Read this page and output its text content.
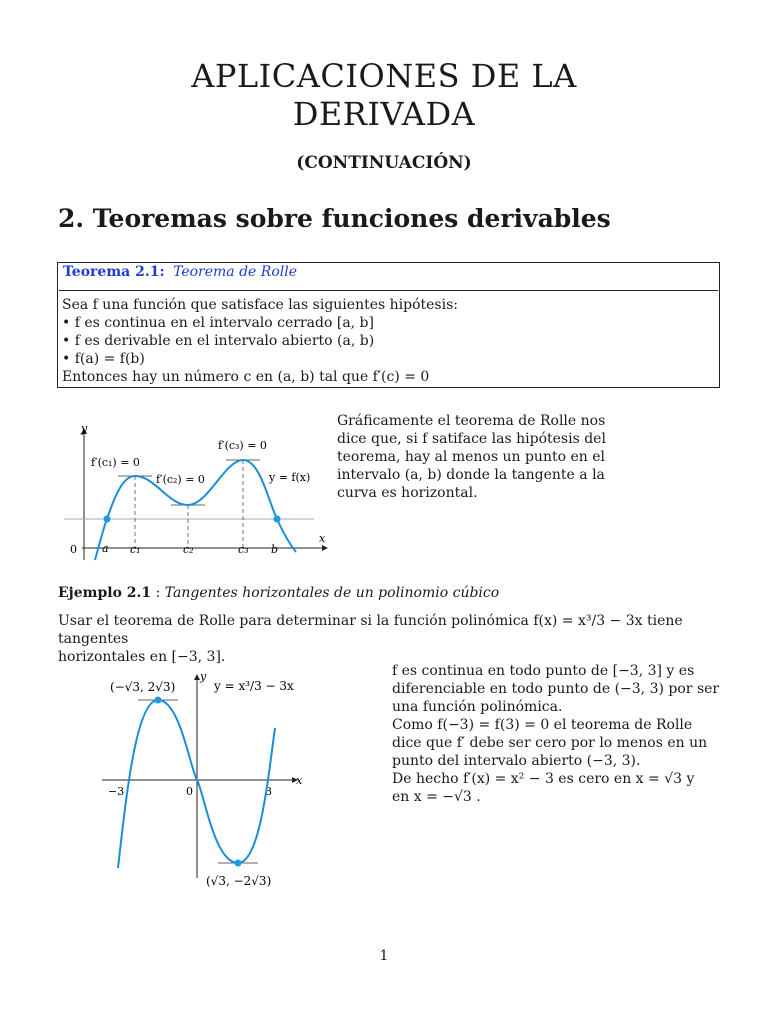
APLICACIONES DE LA
DERIVADA
(CONTINUACIÓN)
2. Teoremas sobre funciones derivables
Teorema 2.1: Teorema de Rolle
Sea f una función que satisface las siguientes hipótesis:
• f es continua en el intervalo cerrado [a, b]
• f es derivable en el intervalo abierto (a, b)
• f(a) = f(b)
Entonces hay un número c en (a, b) tal que f′(c) = 0
y
x
0 a c₁	c₂	c₃ b
f′(c₁) = 0
f′(c₂) = 0
f′(c₃) = 0
y = f(x)
Gráficamente el teorema de Rolle nos
dice que, si f satiface las hipótesis del
teorema, hay al menos un punto en el
intervalo (a, b) donde la tangente a la
curva es horizontal.
Ejemplo 2.1 : Tangentes horizontales de un polinomio cúbico
Usar el teorema de Rolle para determinar si la función polinómica f(x) = x³/3 − 3x tiene tangentes
horizontales en [−3, 3].
y
x
−3	0	3
(−√3, 2√3)
(√3, −2√3)
y = x³/3 − 3x
f es continua en todo punto de [−3, 3] y es
diferenciable en todo punto de (−3, 3) por ser
una función polinómica.
Como f(−3) = f(3) = 0 el teorema de Rolle
dice que f′ debe ser cero por lo menos en un
punto del intervalo abierto (−3, 3).
De hecho f′(x) = x² − 3 es cero en x = √3 y
en x = −√3 .
1
